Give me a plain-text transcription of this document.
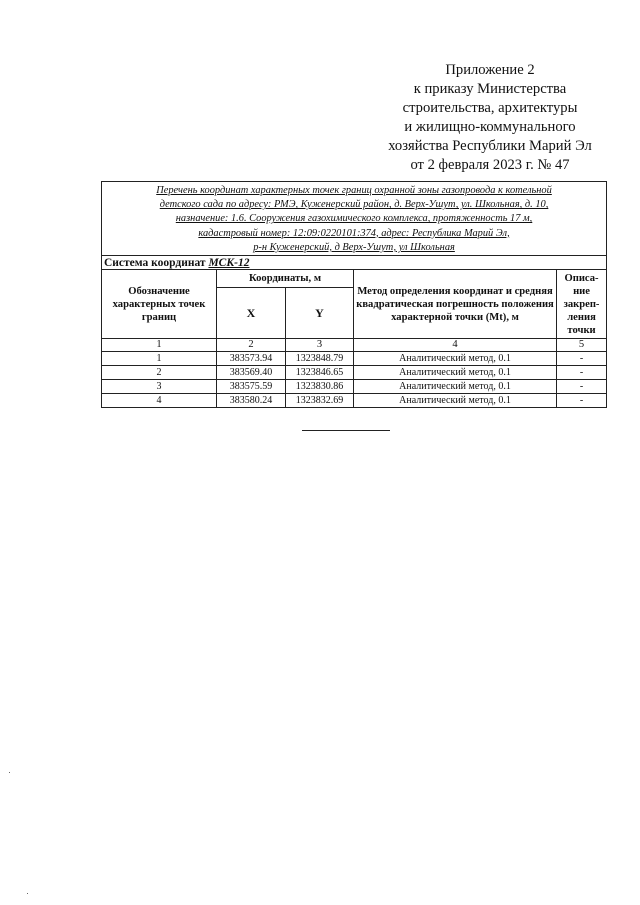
Приложение 2
к приказу Министерства
строительства, архитектуры
и жилищно-коммунального
хозяйства Республики Марий Эл
от 2 февраля 2023 г. № 47
Перечень координат характерных точек границ охранной зоны газопровода к котельной
детского сада по адресу: РМЭ, Куженерский район, д. Верх-Ушут, ул. Школьная, д. 10,
назначение: 1.6. Сооружения газохимического комплекса, протяженность 17 м,
кадастровый номер: 12:09:0220101:374, адрес: Республика Марий Эл,
р-н Куженерский, д Верх-Ушут, ул Школьная				

Система координат МСК-12				
Обозначение характерных точек границ	Координаты, м		Метод определения координат и средняя квадратическая погрешность положения характерной точки (Mt), м	Описа-ние закреп-ления точки
	X	Y		
1	2	3	4	5
1	383573.94	1323848.79	Аналитический метод, 0.1	-
2	383569.40	1323846.65	Аналитический метод, 0.1	-
3	383575.59	1323830.86	Аналитический метод, 0.1	-
4	383580.24	1323832.69	Аналитический метод, 0.1	-
